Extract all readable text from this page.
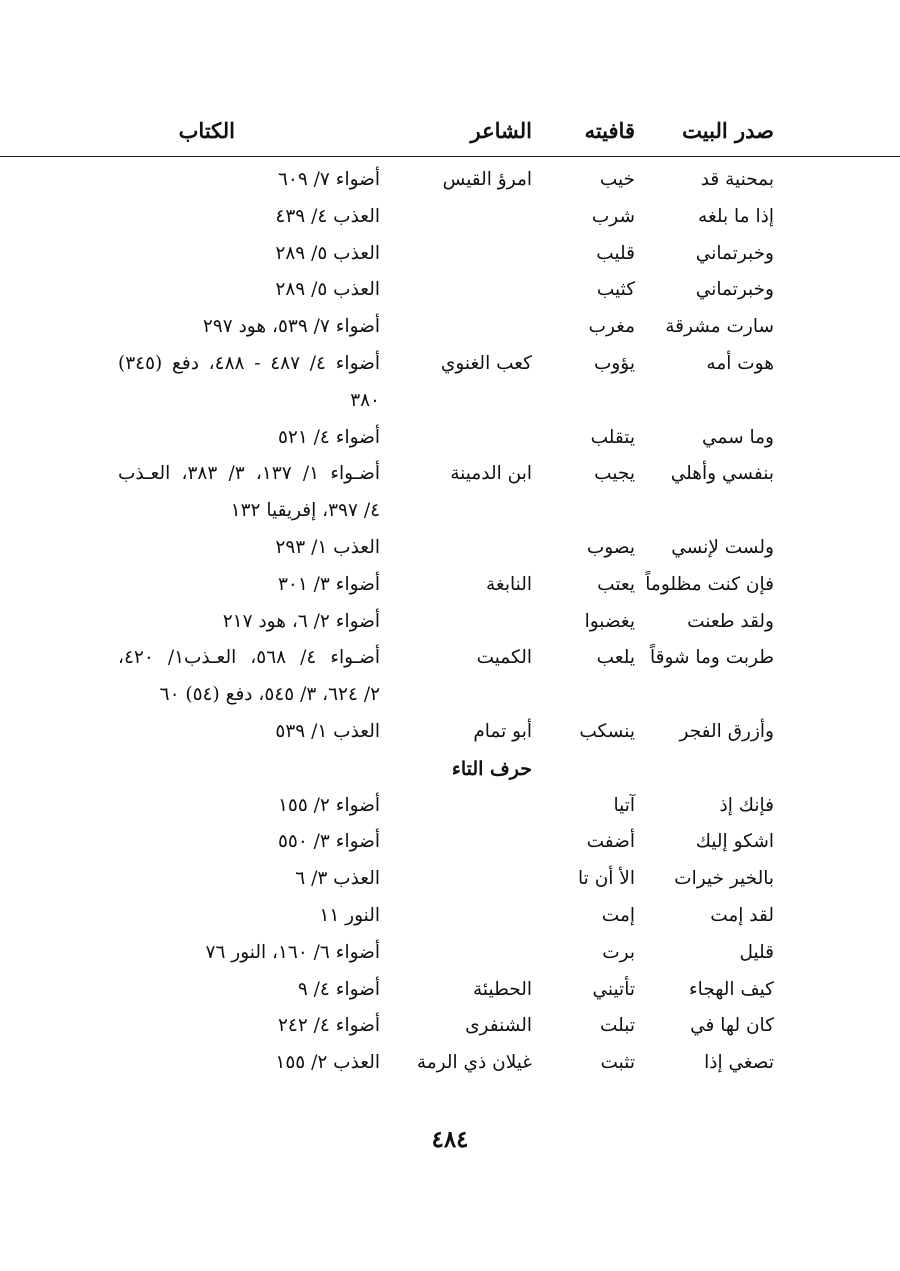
صدر البيت
قافيته
الشاعر
الكتاب
بمحنية قد
خيب
امرؤ القيس
أضواء ٧/ ٦٠٩
إذا ما بلغه
شرب
العذب ٤/ ٤٣٩
وخبرتماني
قليب
العذب ٥/ ٢٨٩
وخبرتماني
كثيب
العذب ٥/ ٢٨٩
سارت مشرقة
مغرب
أضواء ٧/ ٥٣٩، هود ٢٩٧
هوت أمه
يؤوب
كعب الغنوي
أضواء ٤/ ٤٨٧ - ٤٨٨، دفع (٣٤٥)
٣٨٠
وما سمي
يتقلب
أضواء ٤/ ٥٢١
بنفسي وأهلي
يجيب
ابن الدمينة
أضـواء ١/ ١٣٧، ٣/ ٣٨٣، العـذب
٤/ ٣٩٧، إفريقيا ١٣٢
ولست لإنسي
يصوب
العذب ١/ ٢٩٣
فإن كنت مظلوماً
يعتب
النابغة
أضواء ٣/ ٣٠١
ولقد طعنت
يغضبوا
أضواء ٢/ ٦، هود ٢١٧
طربت وما شوقاً
يلعب
الكميت
أضـواء ٤/ ٥٦٨، العـذب١/ ٤٢٠،
٢/ ٦٢٤، ٣/ ٥٤٥، دفع (٥٤) ٦٠
وأزرق الفجر
ينسكب
أبو تمام
العذب ١/ ٥٣٩
حرف التاء
فإنك إذ
آتيا
أضواء ٢/ ١٥٥
اشكو إليك
أضفت
أضواء ٣/ ٥٥٠
بالخير خيرات
الأ أن تا
العذب ٣/ ٦
لقد إمت
إمت
النور ١١
قليل
برت
أضواء ٦/ ١٦٠، النور ٧٦
كيف الهجاء
تأتيني
الحطيئة
أضواء ٤/ ٩
كان لها في
تبلت
الشنفرى
أضواء ٤/ ٢٤٢
تصغي إذا
تثبت
غيلان ذي الرمة
العذب ٢/ ١٥٥
٤٨٤
